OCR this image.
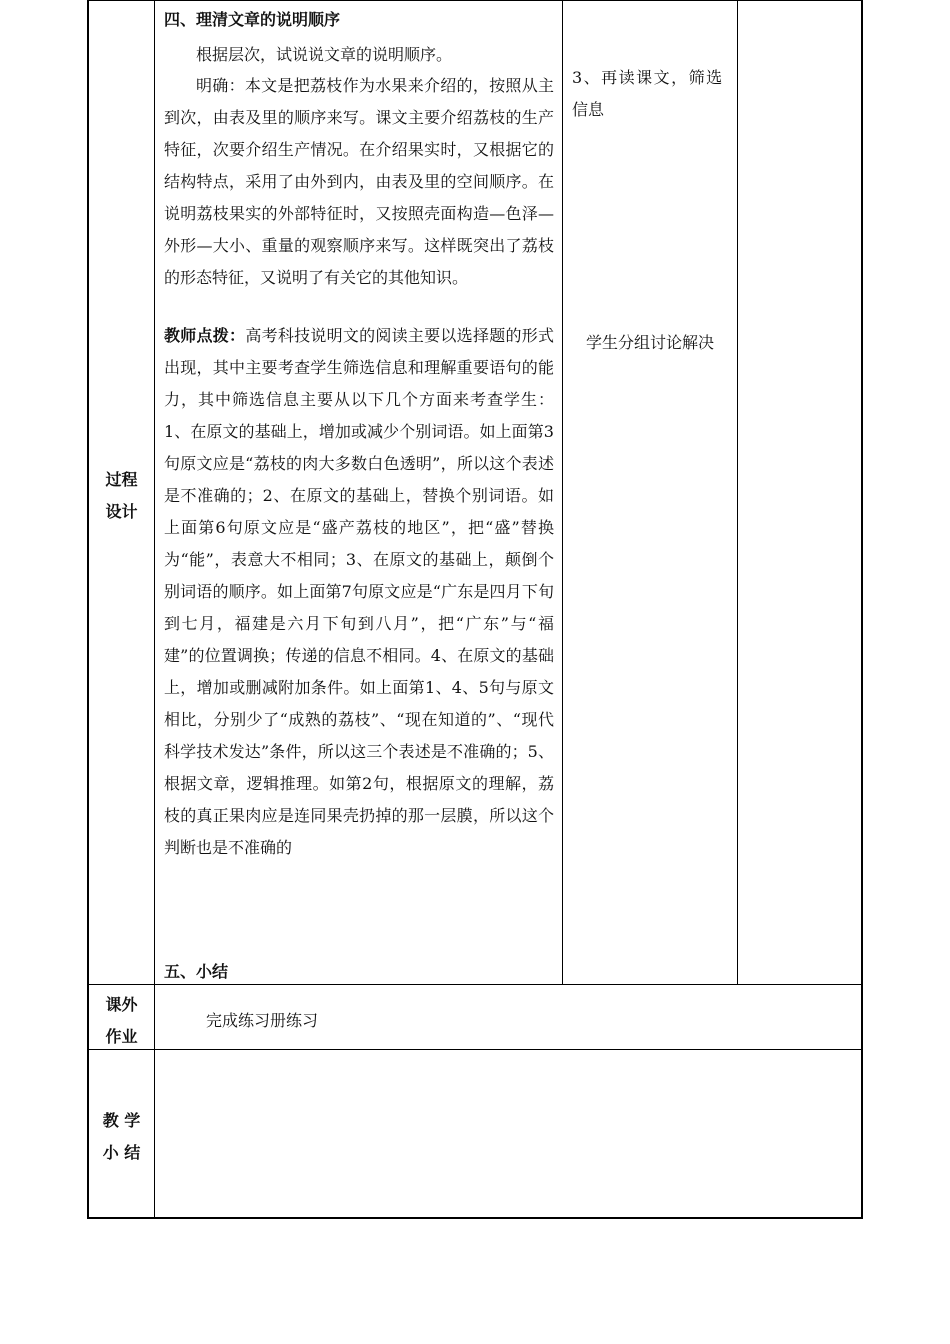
过程
设计
四、理清文章的说明顺序

根据层次，试说说文章的说明顺序。

明确：本文是把荔枝作为水果来介绍的，按照从主到次，由表及里的顺序来写。课文主要介绍荔枝的生产特征，次要介绍生产情况。在介绍果实时，又根据它的结构特点，采用了由外到内，由表及里的空间顺序。在说明荔枝果实的外部特征时，又按照壳面构造—色泽—外形—大小、重量的观察顺序来写。这样既突出了荔枝的形态特征，又说明了有关它的其他知识。

教师点拨：高考科技说明文的阅读主要以选择题的形式出现，其中主要考查学生筛选信息和理解重要语句的能力，其中筛选信息主要从以下几个方面来考查学生：1、在原文的基础上，增加或减少个别词语。如上面第3句原文应是“荔枝的肉大多数白色透明”，所以这个表述是不准确的；2、在原文的基础上，替换个别词语。如上面第6句原文应是“盛产荔枝的地区”，把“盛”替换为“能”，表意大不相同；3、在原文的基础上，颠倒个别词语的顺序。如上面第7句原文应是“广东是四月下旬到七月，福建是六月下旬到八月”，把“广东”与“福建”的位置调换；传递的信息不相同。4、在原文的基础上，增加或删减附加条件。如上面第1、4、5句与原文相比，分别少了“成熟的荔枝”、“现在知道的”、“现代科学技术发达”条件，所以这三个表述是不准确的；5、根据文章，逻辑推理。如第2句，根据原文的理解，荔枝的真正果肉应是连同果壳扔掉的那一层膜，所以这个判断也是不准确的

五、小结
3、再读课文，筛选
信息
学生分组讨论解决
课外
作业
完成练习册练习
教 学
小 结
